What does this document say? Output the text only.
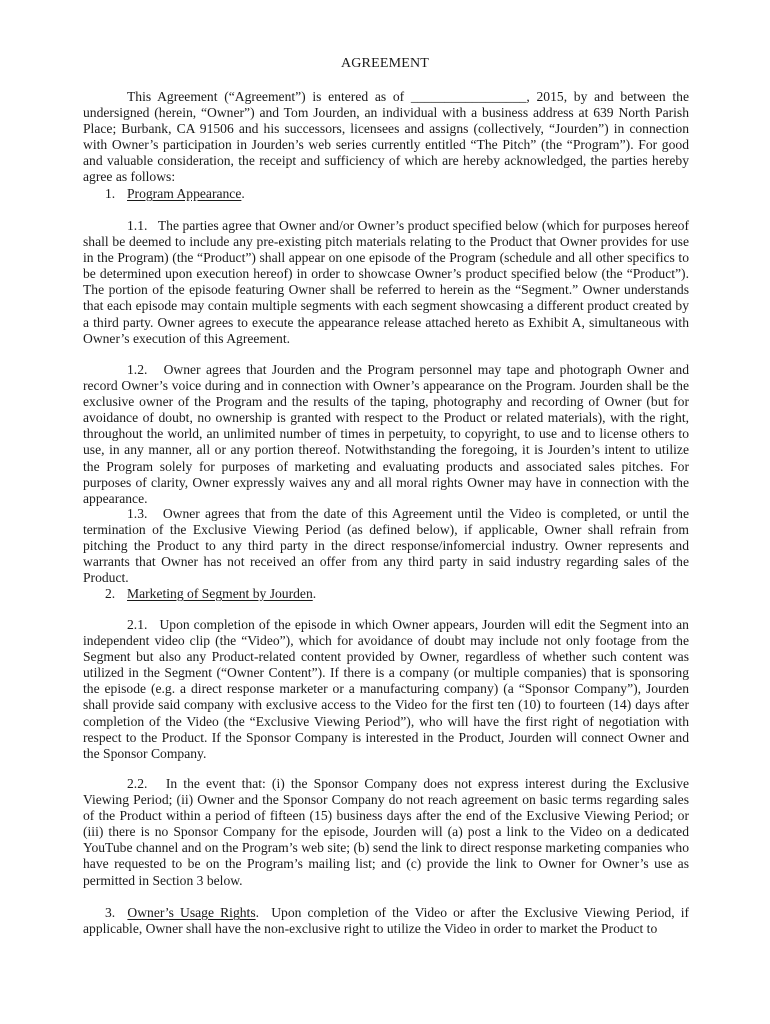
AGREEMENT

This Agreement (“Agreement”) is entered as of _________________, 2015, by and between the undersigned (herein, “Owner”) and Tom Jourden, an individual with a business address at 639 North Parish Place; Burbank, CA 91506 and his successors, licensees and assigns (collectively, “Jourden”) in connection with Owner’s participation in Jourden’s web series currently entitled “The Pitch” (the “Program”). For good and valuable consideration, the receipt and sufficiency of which are hereby acknowledged, the parties hereby agree as follows:

1. Program Appearance.

1.1. The parties agree that Owner and/or Owner’s product specified below (which for purposes hereof shall be deemed to include any pre-existing pitch materials relating to the Product that Owner provides for use in the Program) (the “Product”) shall appear on one episode of the Program (schedule and all other specifics to be determined upon execution hereof) in order to showcase Owner’s product specified below (the “Product”). The portion of the episode featuring Owner shall be referred to herein as the “Segment.” Owner understands that each episode may contain multiple segments with each segment showcasing a different product created by a third party. Owner agrees to execute the appearance release attached hereto as Exhibit A, simultaneous with Owner’s execution of this Agreement.

1.2. Owner agrees that Jourden and the Program personnel may tape and photograph Owner and record Owner’s voice during and in connection with Owner’s appearance on the Program. Jourden shall be the exclusive owner of the Program and the results of the taping, photography and recording of Owner (but for avoidance of doubt, no ownership is granted with respect to the Product or related materials), with the right, throughout the world, an unlimited number of times in perpetuity, to copyright, to use and to license others to use, in any manner, all or any portion thereof. Notwithstanding the foregoing, it is Jourden’s intent to utilize the Program solely for purposes of marketing and evaluating products and associated sales pitches. For purposes of clarity, Owner expressly waives any and all moral rights Owner may have in connection with the appearance.

1.3. Owner agrees that from the date of this Agreement until the Video is completed, or until the termination of the Exclusive Viewing Period (as defined below), if applicable, Owner shall refrain from pitching the Product to any third party in the direct response/infomercial industry. Owner represents and warrants that Owner has not received an offer from any third party in said industry regarding sales of the Product.

2. Marketing of Segment by Jourden.

2.1. Upon completion of the episode in which Owner appears, Jourden will edit the Segment into an independent video clip (the “Video”), which for avoidance of doubt may include not only footage from the Segment but also any Product-related content provided by Owner, regardless of whether such content was utilized in the Segment (“Owner Content”). If there is a company (or multiple companies) that is sponsoring the episode (e.g. a direct response marketer or a manufacturing company) (a “Sponsor Company”), Jourden shall provide said company with exclusive access to the Video for the first ten (10) to fourteen (14) days after completion of the Video (the “Exclusive Viewing Period”), who will have the first right of negotiation with respect to the Product. If the Sponsor Company is interested in the Product, Jourden will connect Owner and the Sponsor Company.

2.2. In the event that: (i) the Sponsor Company does not express interest during the Exclusive Viewing Period; (ii) Owner and the Sponsor Company do not reach agreement on basic terms regarding sales of the Product within a period of fifteen (15) business days after the end of the Exclusive Viewing Period; or (iii) there is no Sponsor Company for the episode, Jourden will (a) post a link to the Video on a dedicated YouTube channel and on the Program’s web site; (b) send the link to direct response marketing companies who have requested to be on the Program’s mailing list; and (c) provide the link to Owner for Owner’s use as permitted in Section 3 below.

3. Owner’s Usage Rights. Upon completion of the Video or after the Exclusive Viewing Period, if applicable, Owner shall have the non-exclusive right to utilize the Video in order to market the Product to
